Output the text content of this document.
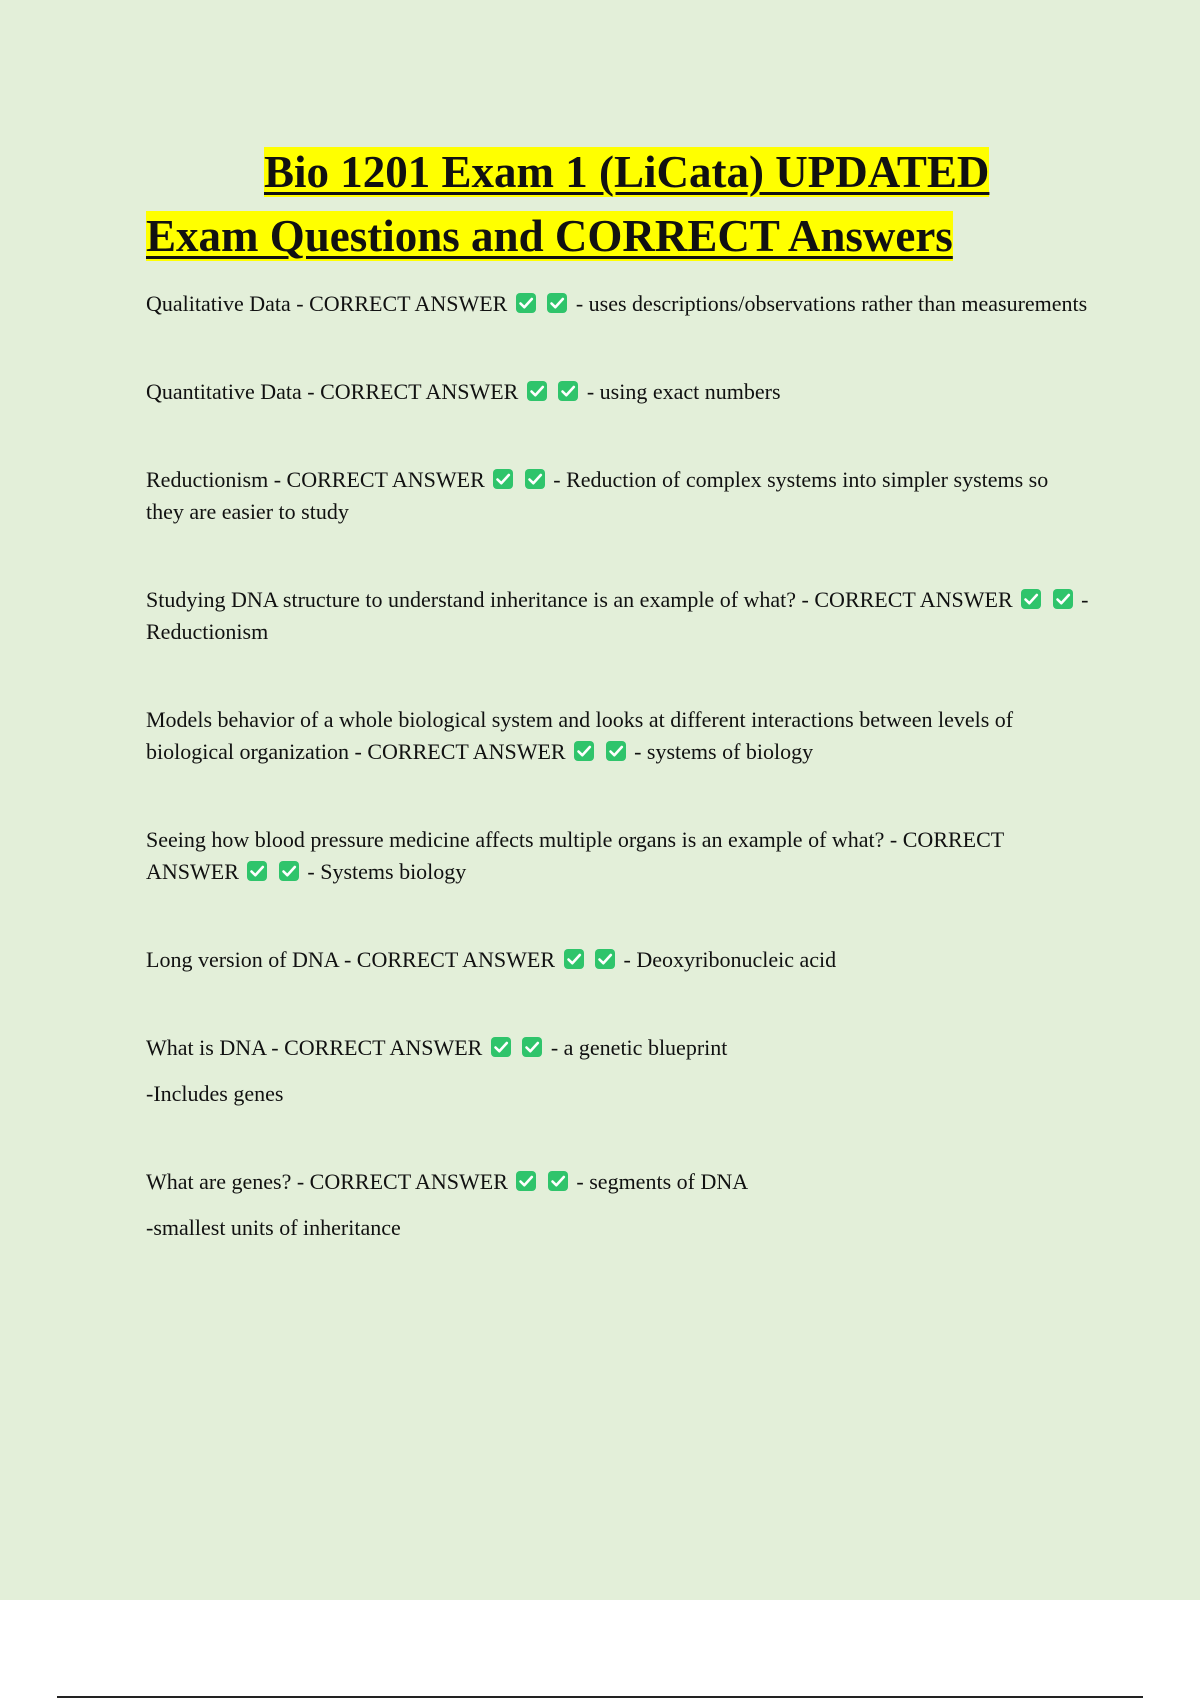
Bio 1201 Exam 1 (LiCata) UPDATED
Exam Questions and CORRECT Answers
Qualitative Data - CORRECT ANSWER
	- uses descriptions/observations rather than measurements
Quantitative Data - CORRECT ANSWER
	- using exact numbers
Reductionism - CORRECT ANSWER
	- Reduction of complex systems into simpler systems so they are easier to study
Studying DNA structure to understand inheritance is an example of what? - CORRECT ANSWER
	- Reductionism
Models behavior of a whole biological system and looks at different interactions between levels of biological organization - CORRECT ANSWER
	- systems of biology
Seeing how blood pressure medicine affects multiple organs is an example of what? - CORRECT ANSWER
	- Systems biology
Long version of DNA - CORRECT ANSWER
	- Deoxyribonucleic acid
What is DNA - CORRECT ANSWER
	- a genetic blueprint
-Includes genes
What are genes? - CORRECT ANSWER
	- segments of DNA
-smallest units of inheritance
